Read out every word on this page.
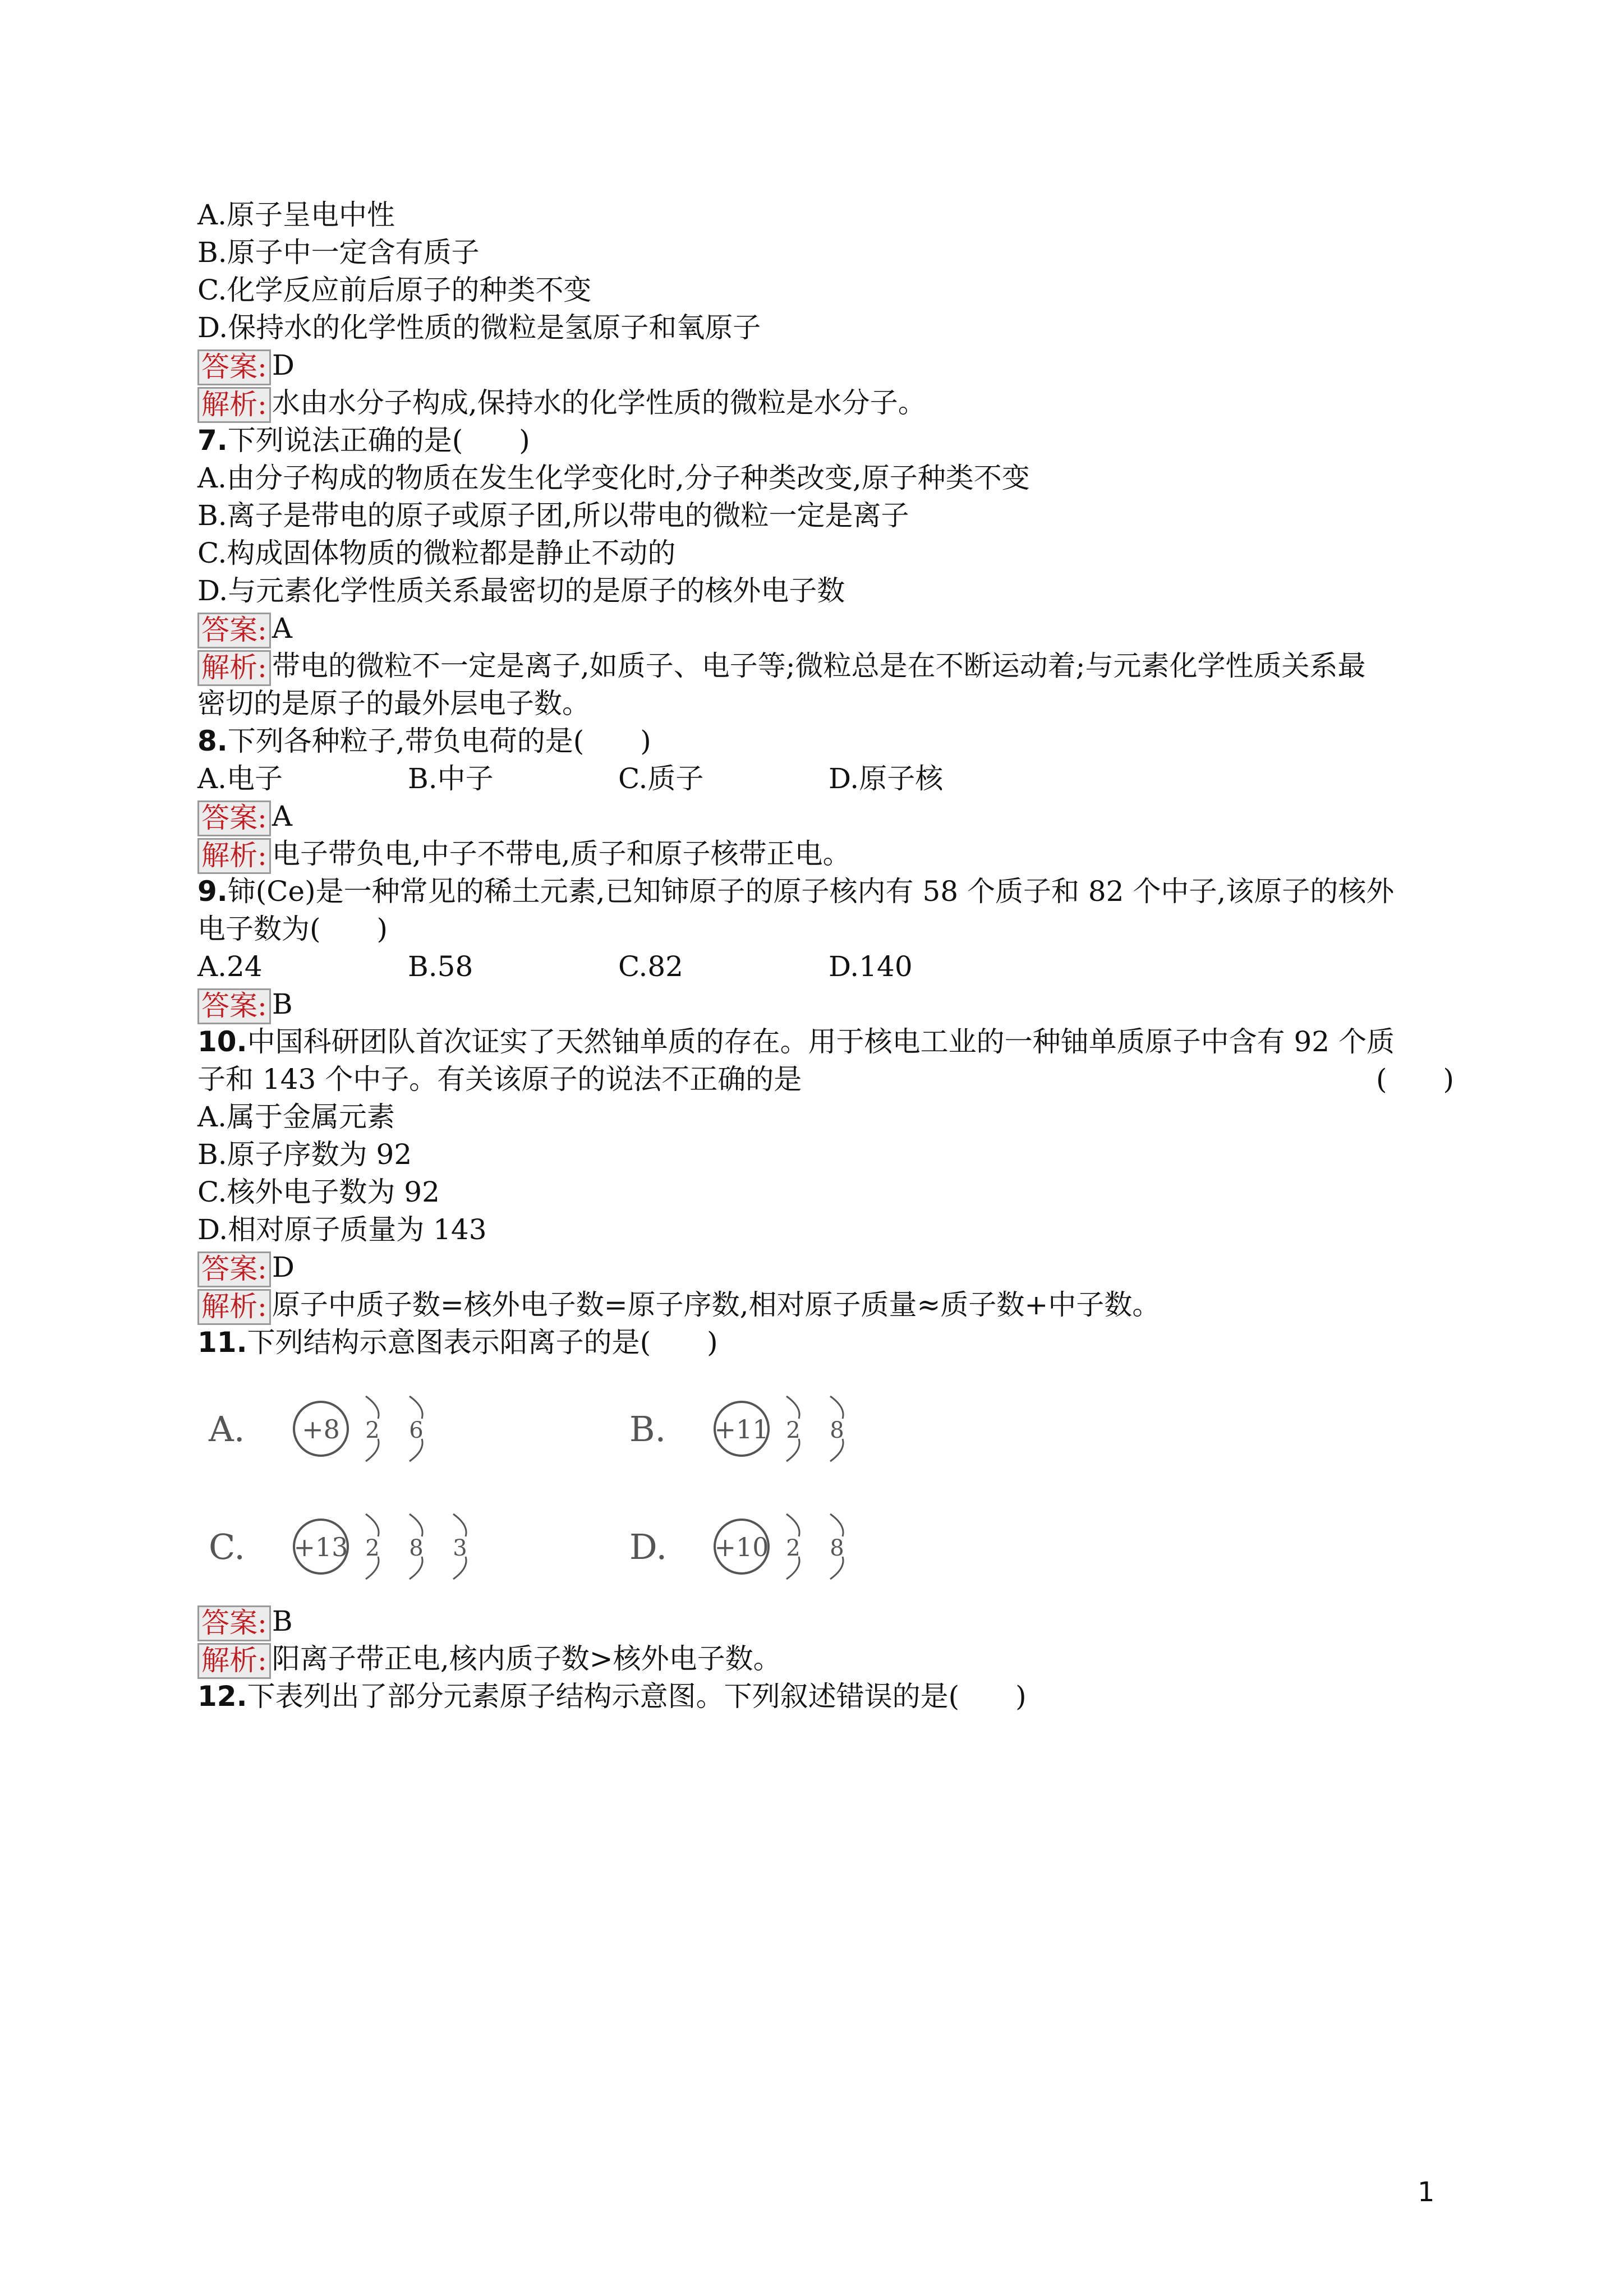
A.原子呈电中性
B.原子中一定含有质子
C.化学反应前后原子的种类不变
D.保持水的化学性质的微粒是氢原子和氧原子
答案: D
解析: 水由水分子构成,保持水的化学性质的微粒是水分子。
7.下列说法正确的是(　　)
A.由分子构成的物质在发生化学变化时,分子种类改变,原子种类不变
B.离子是带电的原子或原子团,所以带电的微粒一定是离子
C.构成固体物质的微粒都是静止不动的
D.与元素化学性质关系最密切的是原子的核外电子数
答案: A
解析: 带电的微粒不一定是离子,如质子、电子等;微粒总是在不断运动着;与元素化学性质关系最
密切的是原子的最外层电子数。
8.下列各种粒子,带负电荷的是(　　)
A.电子	B.中子	C.质子	D.原子核
答案: A
解析: 电子带负电,中子不带电,质子和原子核带正电。
9.铈(Ce)是一种常见的稀土元素,已知铈原子的原子核内有 58 个质子和 82 个中子,该原子的核外
电子数为(　　)
A.24	B.58	C.82	D.140
答案: B
10.中国科研团队首次证实了天然铀单质的存在。用于核电工业的一种铀单质原子中含有 92 个质
子和 143 个中子。有关该原子的说法不正确的是	(　　)
A.属于金属元素
B.原子序数为 92
C.核外电子数为 92
D.相对原子质量为 143
答案: D
解析: 原子中质子数=核外电子数=原子序数,相对原子质量≈质子数+中子数。
11.下列结构示意图表示阳离子的是(　　)
A. +8 2 6	B. +11 2 8
C. +13 2 8 3	D. +10 2 8
答案: B
解析: 阳离子带正电,核内质子数>核外电子数。
12.下表列出了部分元素原子结构示意图。下列叙述错误的是(　　)
1
